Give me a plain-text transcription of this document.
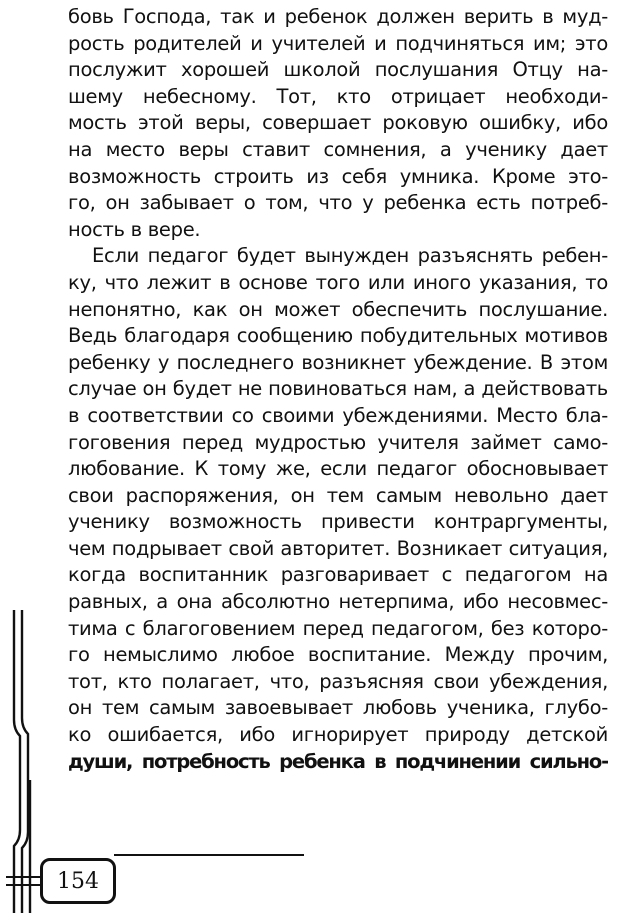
бовь Господа, так и ребенок должен верить в муд-
рость родителей и учителей и подчиняться им; это
послужит хорошей школой послушания Отцу на-
шему небесному. Тот, кто отрицает необходи-
мость этой веры, совершает роковую ошибку, ибо
на место веры ставит сомнения, а ученику дает
возможность строить из себя умника. Кроме это-
го, он забывает о том, что у ребенка есть потреб-
ность в вере.
Если педагог будет вынужден разъяснять ребен-
ку, что лежит в основе того или иного указания, то
непонятно, как он может обеспечить послушание.
Ведь благодаря сообщению побудительных мотивов
ребенку у последнего возникнет убеждение. В этом
случае он будет не повиноваться нам, а действовать
в соответствии со своими убеждениями. Место бла-
гоговения перед мудростью учителя займет само-
любование. К тому же, если педагог обосновывает
свои распоряжения, он тем самым невольно дает
ученику возможность привести контраргументы,
чем подрывает свой авторитет. Возникает ситуация,
когда воспитанник разговаривает с педагогом на
равных, а она абсолютно нетерпима, ибо несовмес-
тима с благоговением перед педагогом, без которо-
го немыслимо любое воспитание. Между прочим,
тот, кто полагает, что, разъясняя свои убеждения,
он тем самым завоевывает любовь ученика, глубо-
ко ошибается, ибо игнорирует природу детской
души, потребность ребенка в подчинении сильно-
154
